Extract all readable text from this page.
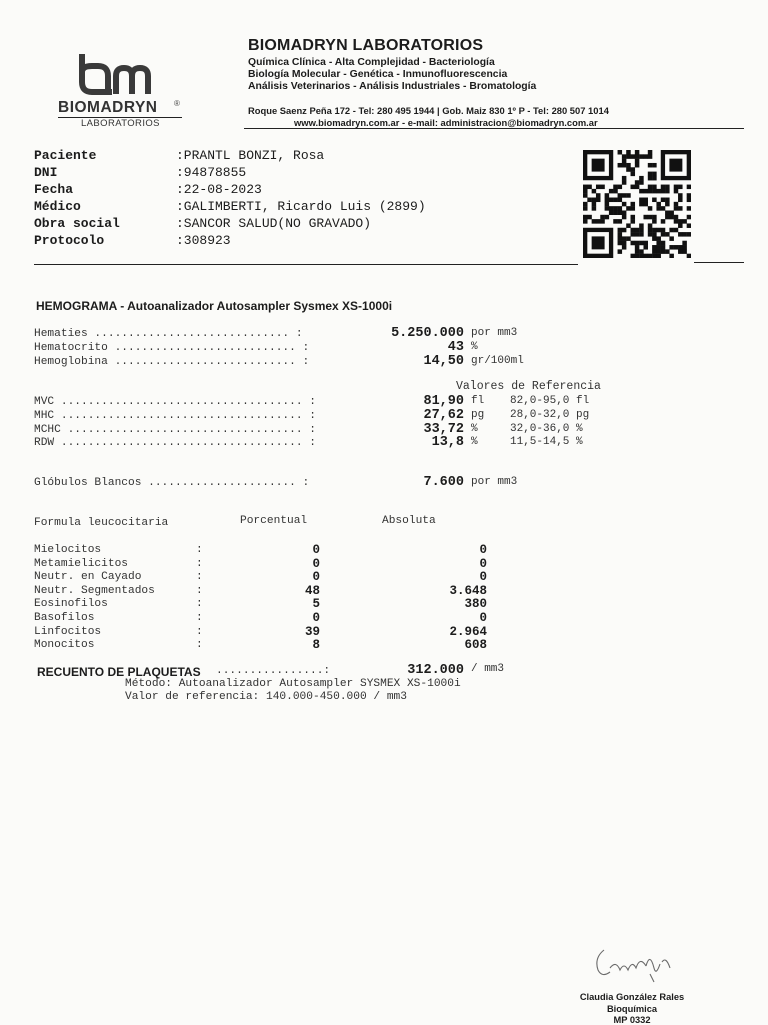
BIOMADRYN ®
LABORATORIOS
BIOMADRYN LABORATORIOS
Química Clínica - Alta Complejidad - Bacteriología
Biología Molecular - Genética - Inmunofluorescencia
Análisis Veterinarios - Análisis Industriales - Bromatología
Roque Saenz Peña 172 - Tel: 280 495 1944 | Gob. Maiz 830 1º P - Tel: 280 507 1014
www.biomadryn.com.ar - e-mail: administracion@biomadryn.com.ar
Paciente	:PRANTL BONZI, Rosa
DNI	:94878855
Fecha	:22-08-2023
Médico	:GALIMBERTI, Ricardo Luis (2899)
Obra social	:SANCOR SALUD(NO GRAVADO)
Protocolo	:308923
HEMOGRAMA - Autoanalizador Autosampler Sysmex XS-1000i
Hematies ............................. :	5.250.000 por mm3
Hematocrito ........................... :	43 %
Hemoglobina ........................... :	14,50 gr/100ml
Valores de Referencia
MVC .................................... :	81,90 fl 82,0-95,0 fl
MHC .................................... :	27,62 pg 28,0-32,0 pg
MCHC ................................... :	33,72 %	32,0-36,0 %
RDW .................................... :	13,8 %	11,5-14,5 %
Glóbulos Blancos ...................... :	7.600 por mm3
Formula leucocitaria	Porcentual	Absoluta
Mielocitos	:	0	0
Metamielicitos	:	0	0
Neutr. en Cayado	:	0	0
Neutr. Segmentados	:	48	3.648
Eosinofilos	:	5	380
Basofilos	:	0	0
Linfocitos	:	39	2.964
Monocitos	:	8	608
RECUENTO DE PLAQUETAS ................:	312.000 / mm3
Método: Autoanalizador Autosampler SYSMEX XS-1000i
Valor de referencia: 140.000-450.000 / mm3
Claudia González Rales
Bioquímica
MP 0332
